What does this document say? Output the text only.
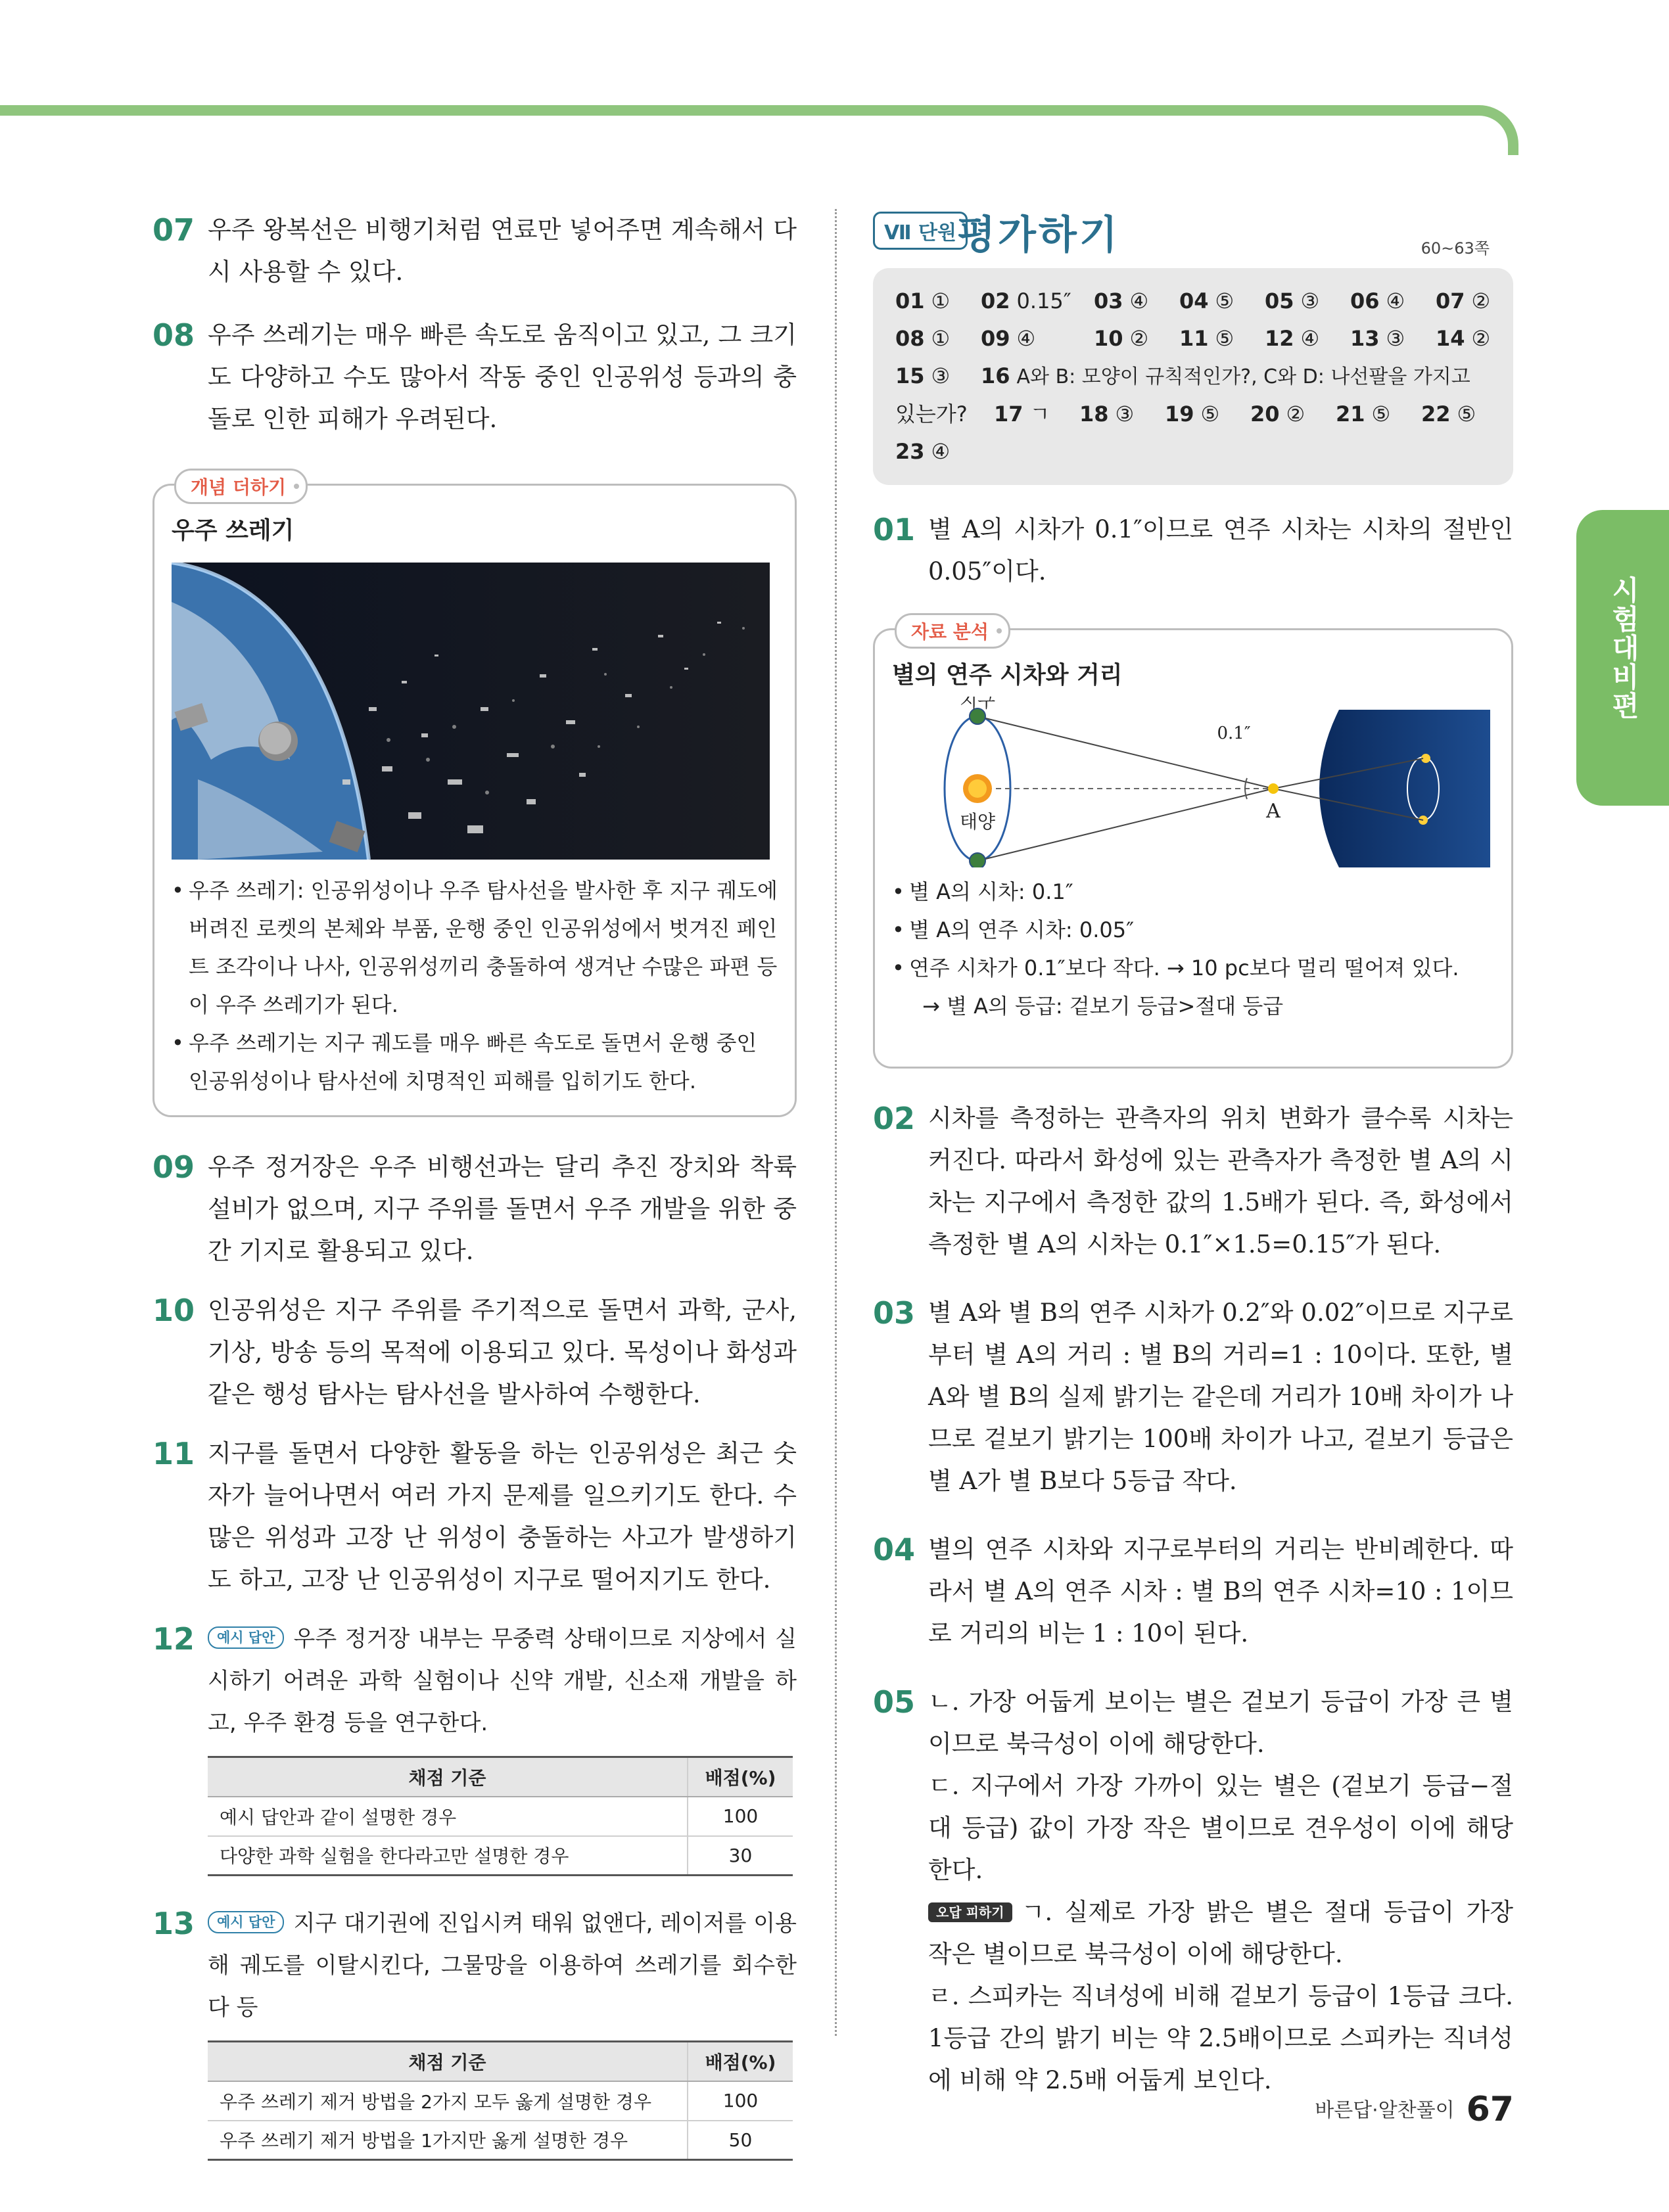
시험대비편
07 우주 왕복선은 비행기처럼 연료만 넣어주면 계속해서 다시 사용할 수 있다.
08 우주 쓰레기는 매우 빠른 속도로 움직이고 있고, 그 크기도 다양하고 수도 많아서 작동 중인 인공위성 등과의 충돌로 인한 피해가 우려된다.
개념 더하기
우주 쓰레기
• 우주 쓰레기: 인공위성이나 우주 탐사선을 발사한 후 지구 궤도에 버려진 로켓의 본체와 부품, 운행 중인 인공위성에서 벗겨진 페인트 조각이나 나사, 인공위성끼리 충돌하여 생겨난 수많은 파편 등이 우주 쓰레기가 된다.
• 우주 쓰레기는 지구 궤도를 매우 빠른 속도로 돌면서 운행 중인 인공위성이나 탐사선에 치명적인 피해를 입히기도 한다.
09 우주 정거장은 우주 비행선과는 달리 추진 장치와 착륙 설비가 없으며, 지구 주위를 돌면서 우주 개발을 위한 중간 기지로 활용되고 있다.
10 인공위성은 지구 주위를 주기적으로 돌면서 과학, 군사, 기상, 방송 등의 목적에 이용되고 있다. 목성이나 화성과 같은 행성 탐사는 탐사선을 발사하여 수행한다.
11 지구를 돌면서 다양한 활동을 하는 인공위성은 최근 숫자가 늘어나면서 여러 가지 문제를 일으키기도 한다. 수많은 위성과 고장 난 위성이 충돌하는 사고가 발생하기도 하고, 고장 난 인공위성이 지구로 떨어지기도 한다.
12	예시 답안 우주 정거장 내부는 무중력 상태이므로 지상에서 실시하기 어려운 과학 실험이나 신약 개발, 신소재 개발을 하고, 우주 환경 등을 연구한다.
채점 기준	배점(%)
예시 답안과 같이 설명한 경우	100
다양한 과학 실험을 한다라고만 설명한 경우	30
13	예시 답안 지구 대기권에 진입시켜 태워 없앤다, 레이저를 이용해 궤도를 이탈시킨다, 그물망을 이용하여 쓰레기를 회수한다 등
채점 기준	배점(%)
우주 쓰레기 제거 방법을 2가지 모두 옳게 설명한 경우	100
우주 쓰레기 제거 방법을 1가지만 옳게 설명한 경우	50
Ⅶ 단원 평가하기	60~63쪽
01 ①	02 0.15″	03 ④	04 ⑤	05 ③	06 ④	07 ②
08 ①	09 ④	10 ②	11 ⑤	12 ④	13 ③	14 ②
15 ③	16 A와 B: 모양이 규칙적인가?, C와 D: 나선팔을 가지고
있는가?	17 ㄱ	18 ③	19 ⑤	20 ②	21 ⑤	22 ⑤
23 ④
01 별 A의 시차가 0.1″이므로 연주 시차는 시차의 절반인 0.05″이다.
자료 분석
별의 연주 시차와 거리
지구
태양	A
0.1″
• 별 A의 시차: 0.1″
• 별 A의 연주 시차: 0.05″
• 연주 시차가 0.1″보다 작다. → 10 pc보다 멀리 떨어져 있다.
→ 별 A의 등급: 겉보기 등급>절대 등급
02 시차를 측정하는 관측자의 위치 변화가 클수록 시차는 커진다. 따라서 화성에 있는 관측자가 측정한 별 A의 시차는 지구에서 측정한 값의 1.5배가 된다. 즉, 화성에서 측정한 별 A의 시차는 0.1″×1.5=0.15″가 된다.
03 별 A와 별 B의 연주 시차가 0.2″와 0.02″이므로 지구로부터 별 A의 거리 : 별 B의 거리=1 : 10이다. 또한, 별 A와 별 B의 실제 밝기는 같은데 거리가 10배 차이가 나므로 겉보기 밝기는 100배 차이가 나고, 겉보기 등급은 별 A가 별 B보다 5등급 작다.
04 별의 연주 시차와 지구로부터의 거리는 반비례한다. 따라서 별 A의 연주 시차 : 별 B의 연주 시차=10 : 1이므로 거리의 비는 1 : 10이 된다.
05 ㄴ. 가장 어둡게 보이는 별은 겉보기 등급이 가장 큰 별이므로 북극성이 이에 해당한다.
ㄷ. 지구에서 가장 가까이 있는 별은 (겉보기 등급−절대 등급) 값이 가장 작은 별이므로 견우성이 이에 해당한다.
오답 피하기 ㄱ. 실제로 가장 밝은 별은 절대 등급이 가장 작은 별이므로 북극성이 이에 해당한다.
ㄹ. 스피카는 직녀성에 비해 겉보기 등급이 1등급 크다. 1등급 간의 밝기 비는 약 2.5배이므로 스피카는 직녀성에 비해 약 2.5배 어둡게 보인다.
바른답·알찬풀이 67
